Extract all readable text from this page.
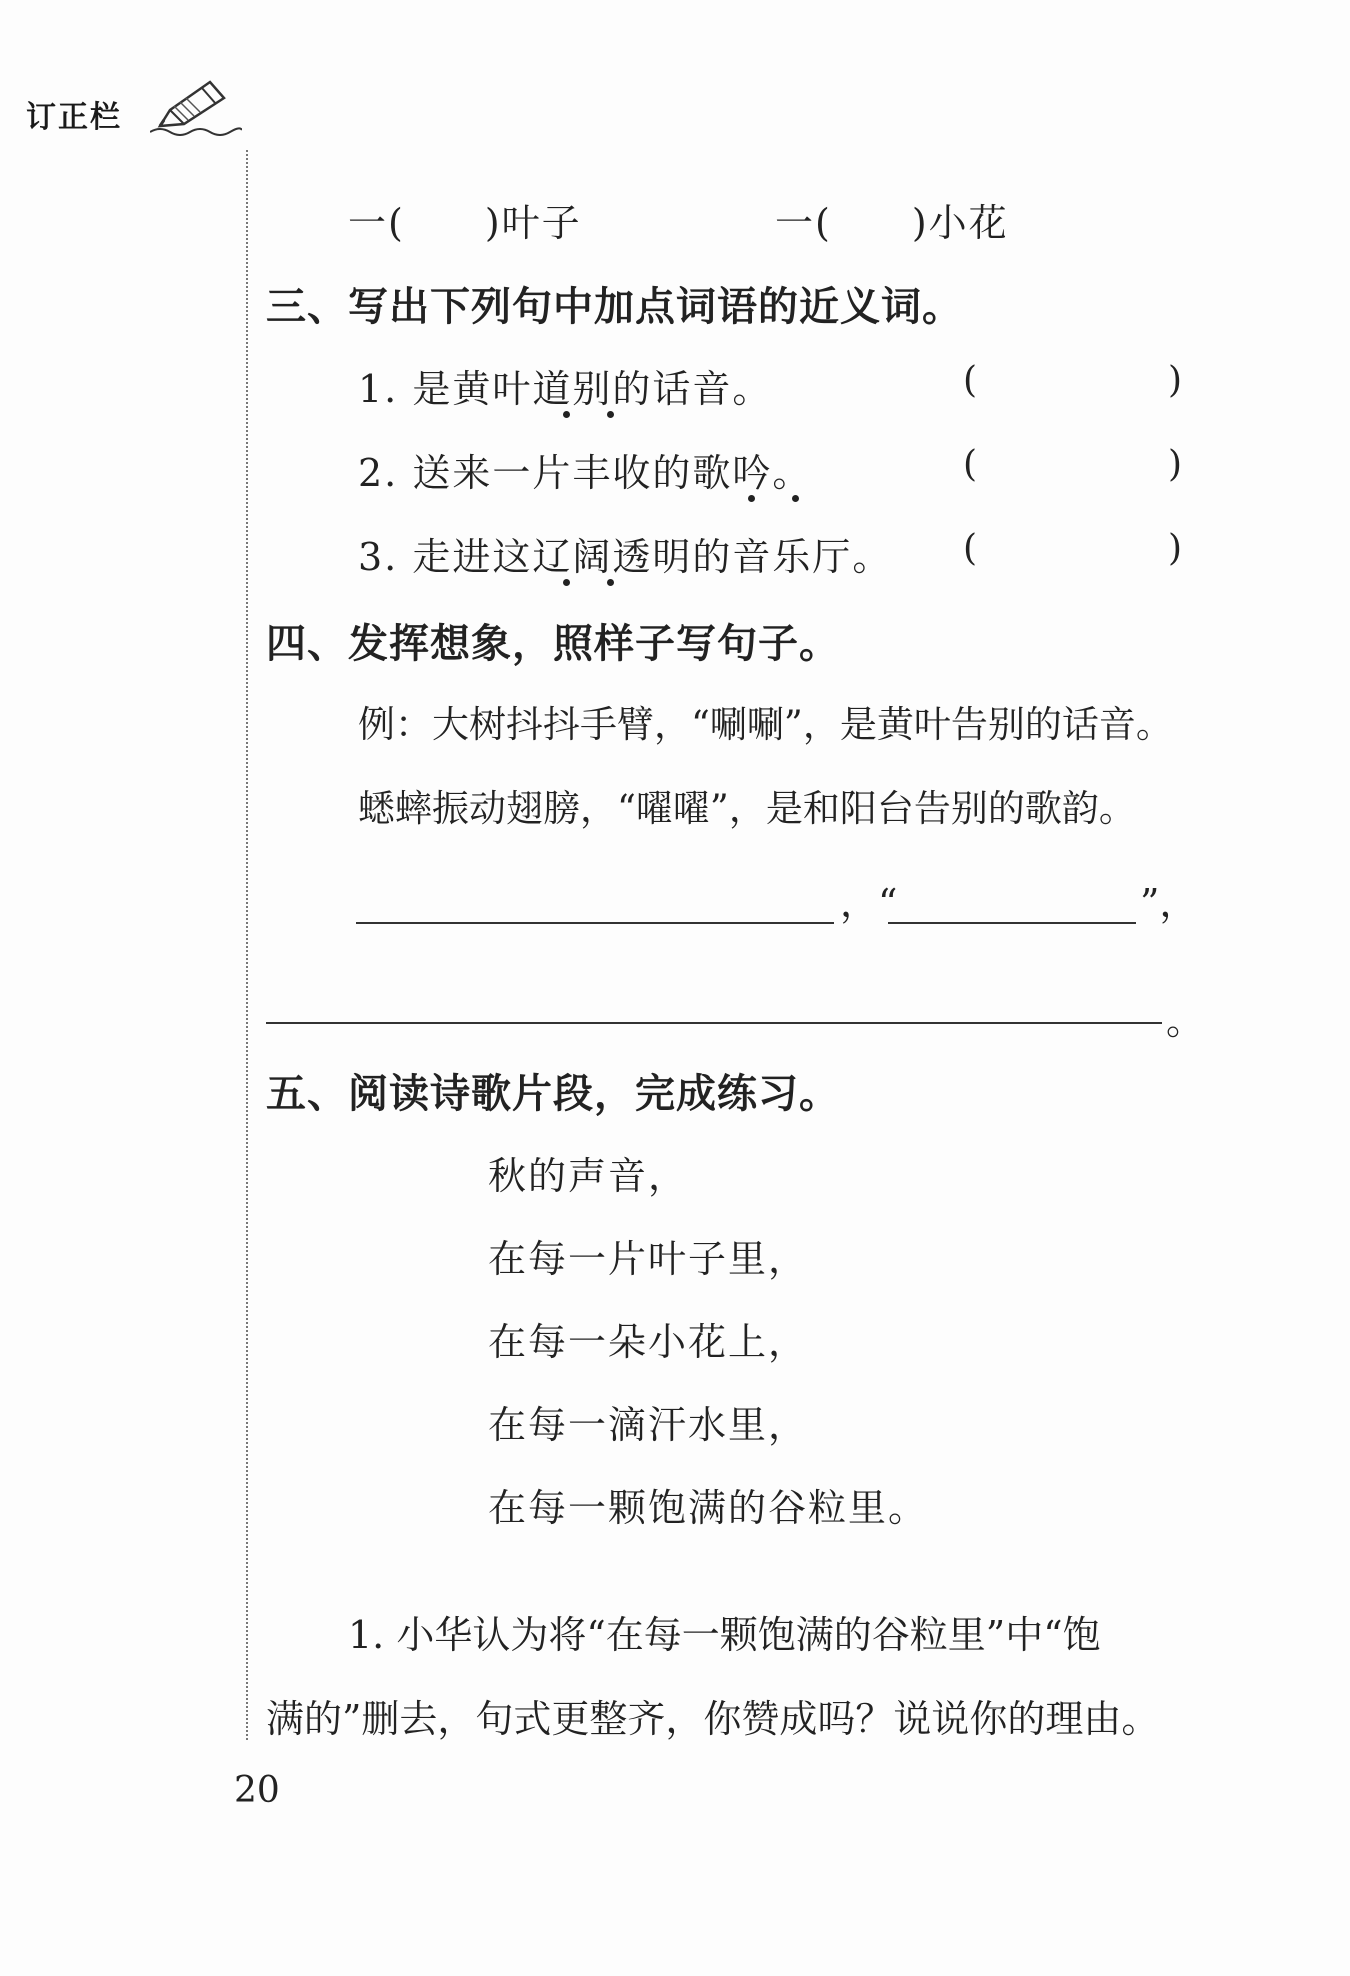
订正栏
一(　　)叶子	一(　　)小花
三、写出下列句中加点词语的近义词。
1. 是黄叶道别的话音。	(	)
2. 送来一片丰收的歌吟。	(	)
3. 走进这辽阔透明的音乐厅。 (	)
四、发挥想象，照样子写句子。
例：大树抖抖手臂，“唰唰”，是黄叶告别的话音。
蟋蟀振动翅膀，“嚁嚁”，是和阳台告别的歌韵。
，“	”，
。
五、阅读诗歌片段，完成练习。
秋的声音，
在每一片叶子里，
在每一朵小花上，
在每一滴汗水里，
在每一颗饱满的谷粒里。
1. 小华认为将“在每一颗饱满的谷粒里”中“饱
满的”删去，句式更整齐，你赞成吗？说说你的理由。
20
